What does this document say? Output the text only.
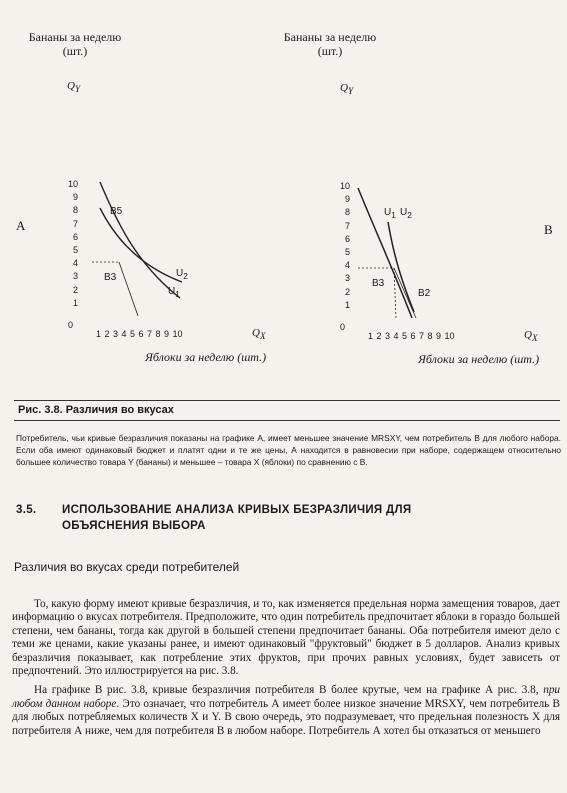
Бананы за неделю (шт.)
$Q_Y$
10
9
8
7
6
5
4
3
2
1
0
1 2 3 4 5 6 7 8 9 10	$Q_X$
Яблоки за неделю (шт.)
A
B5
B3	$U_2$
$U_1$
Бананы за неделю (шт.)
$Q_Y$
10
9
8
7
6
5
4
3
2
1
0
1 2 3 4 5 6 7 8 9 10	$Q_X$
Яблоки за неделю (шт.)
B
$U_1$ $U_2$
B3
B2
Рис. 3.8. Различия во вкусах
Потребитель, чьи кривые безразличия показаны на графике А, имеет меньшее значение MRSXY, чем потребитель В для любого набора. Если оба имеют одинаковый бюджет и платят одни и те же цены, А находится в равновесии при наборе, содержащем относительно большее количество товара Y (бананы) и меньшее – товара X (яблоки) по сравнению с В.
3.5. ИСПОЛЬЗОВАНИЕ АНАЛИЗА КРИВЫХ БЕЗРАЗЛИЧИЯ ДЛЯ
ОБЪЯСНЕНИЯ ВЫБОРА
Различия во вкусах среди потребителей

То, какую форму имеют кривые безразличия, и то, как изменяется предельная норма замещения товаров, дает информацию о вкусах потребителя. Предположите, что один потребитель предпочитает яблоки в гораздо большей степени, чем бананы, тогда как другой в большей степени предпочитает бананы. Оба потребителя имеют дело с теми же ценами, какие указаны ранее, и имеют одинаковый "фруктовый" бюджет в 5 долларов. Анализ кривых безразличия показывает, как потребление этих фруктов, при прочих равных условиях, будет зависеть от предпочтений. Это иллюстрируется на рис. 3.8.

На графике В рис. 3.8, кривые безразличия потребителя В более крутые, чем на графике А рис. 3.8, при любом данном наборе. Это означает, что потребитель А имеет более низкое значение MRSXY, чем потребитель В для любых потребляемых количеств X и Y. В свою очередь, это подразумевает, что предельная полезность X для потребителя А ниже, чем для потребителя В в любом наборе. Потребитель А хотел бы отказаться от меньшего
